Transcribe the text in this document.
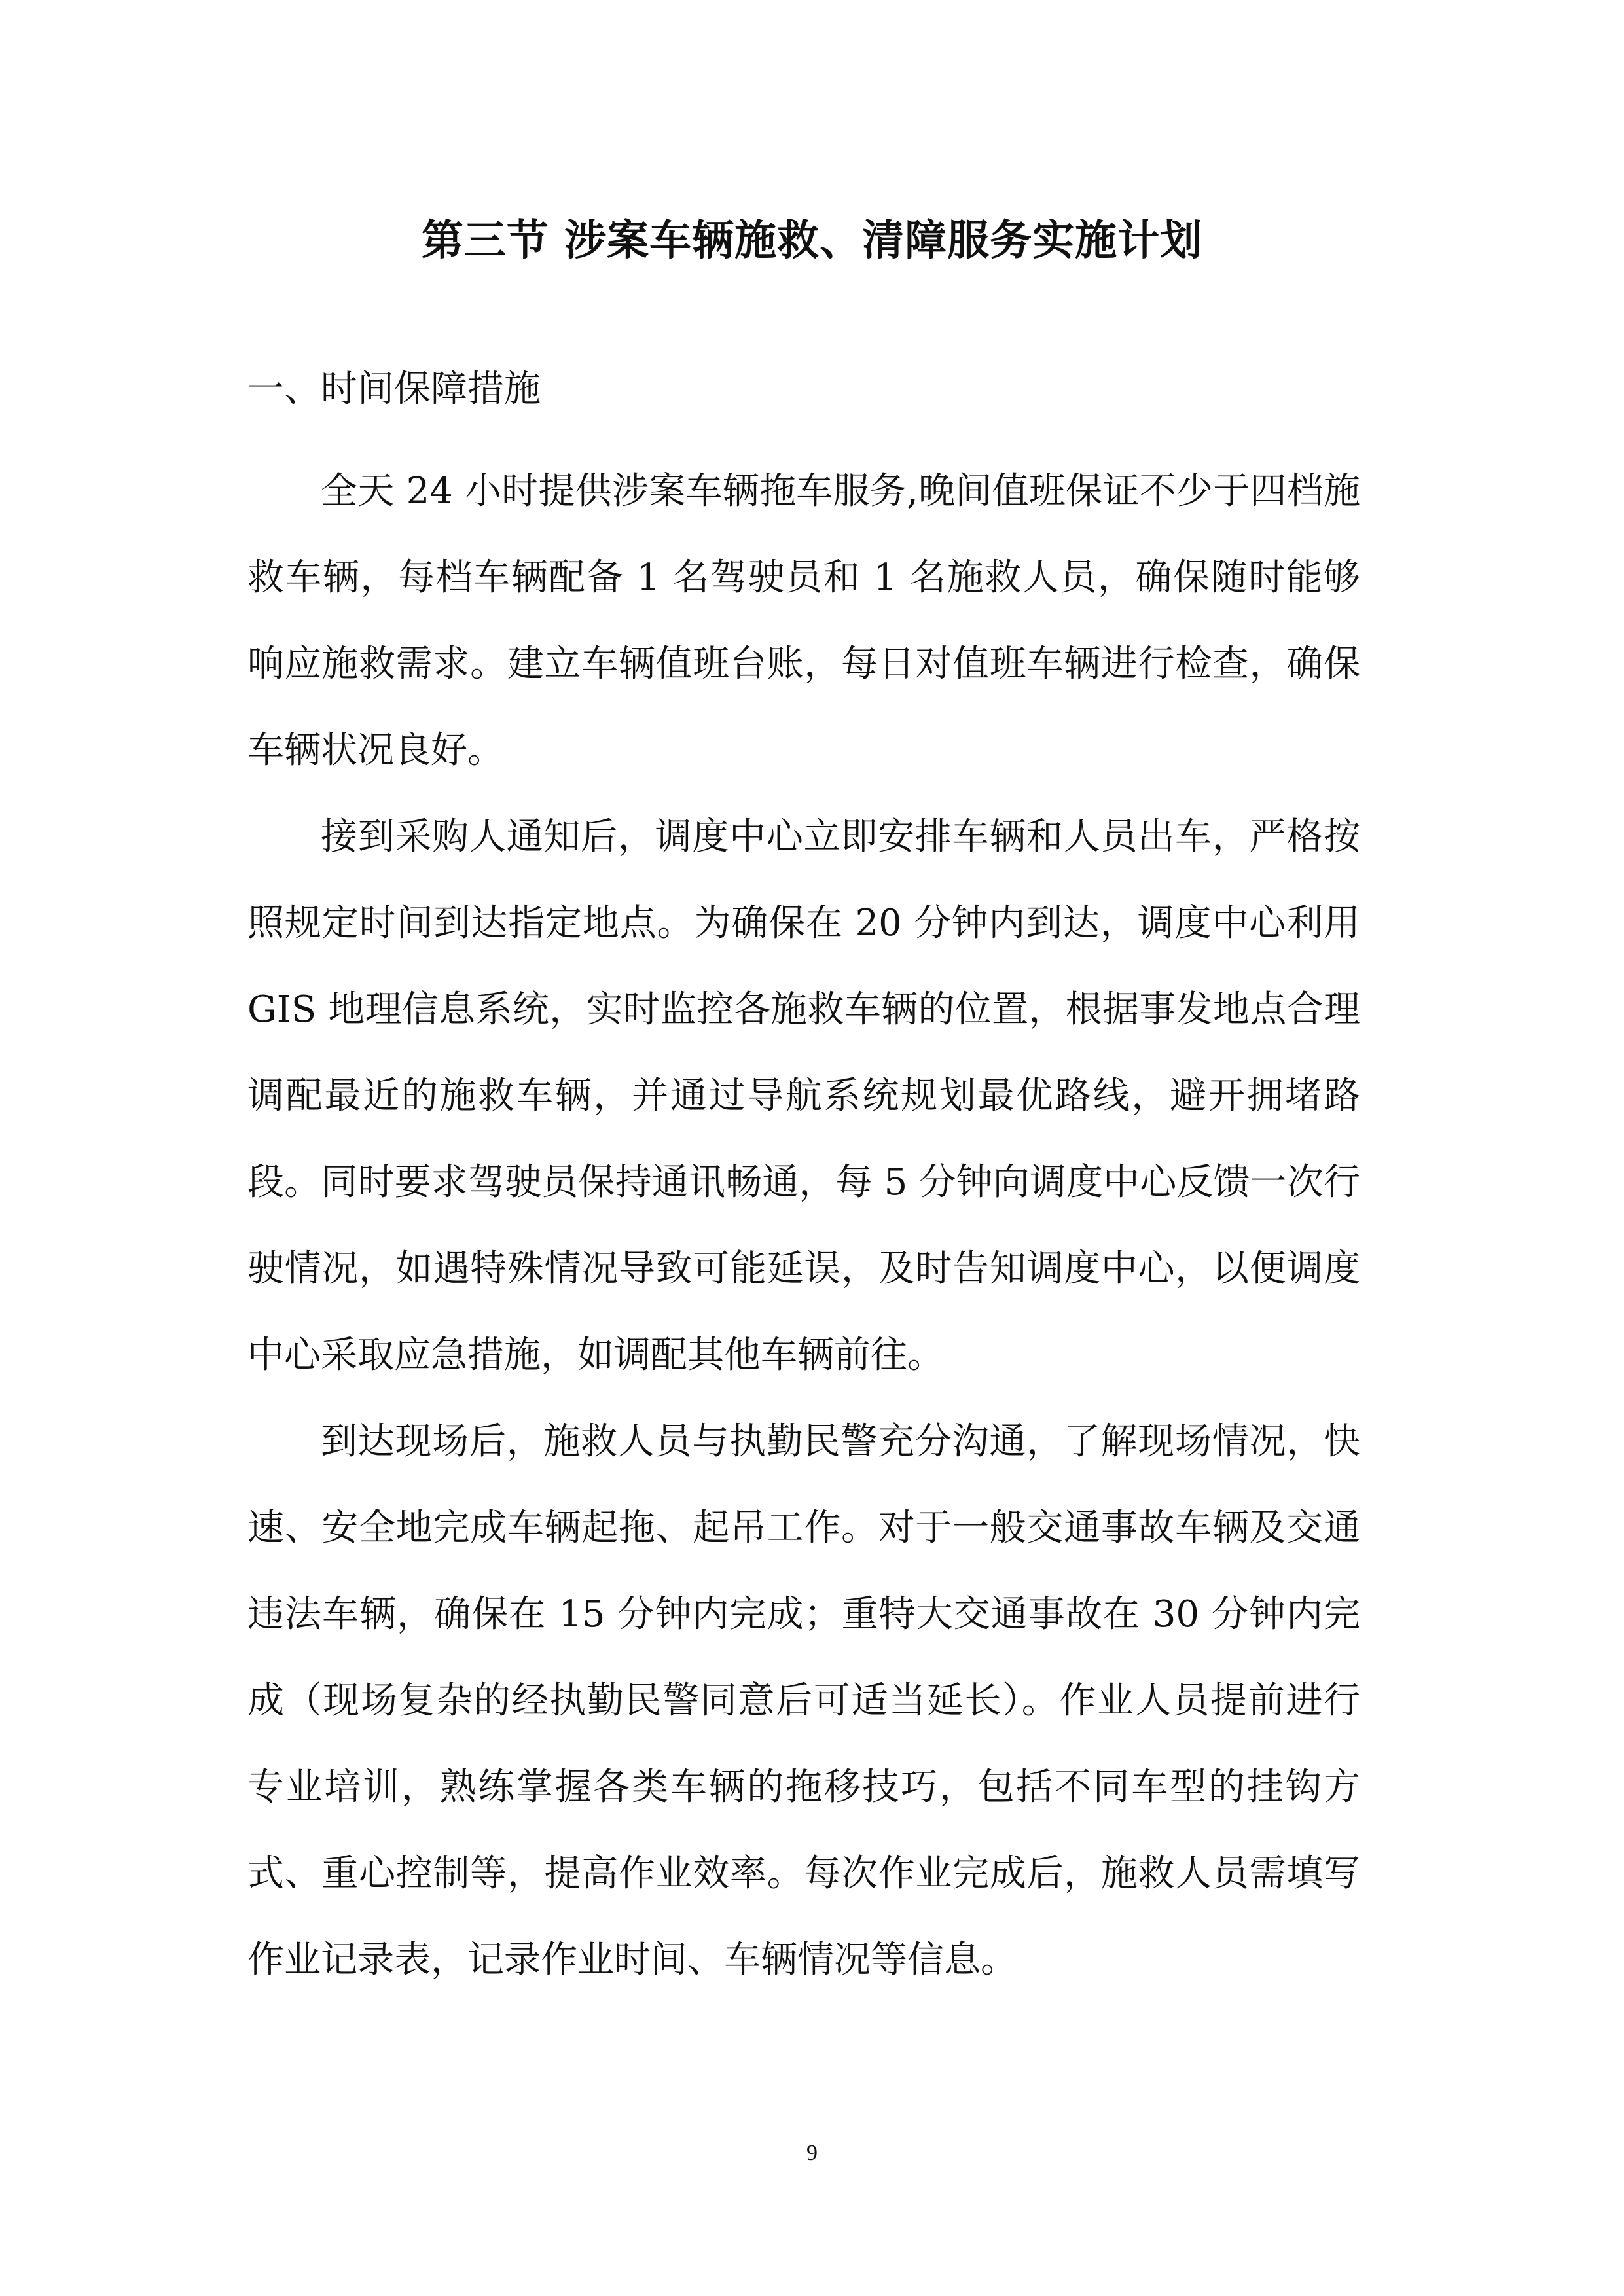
第三节 涉案车辆施救、清障服务实施计划

一、时间保障措施

全天 24 小时提供涉案车辆拖车服务,晚间值班保证不少于四档施救车辆，每档车辆配备 1 名驾驶员和 1 名施救人员，确保随时能够响应施救需求。建立车辆值班台账，每日对值班车辆进行检查，确保车辆状况良好。

接到采购人通知后，调度中心立即安排车辆和人员出车，严格按照规定时间到达指定地点。为确保在 20 分钟内到达，调度中心利用 GIS 地理信息系统，实时监控各施救车辆的位置，根据事发地点合理调配最近的施救车辆，并通过导航系统规划最优路线，避开拥堵路段。同时要求驾驶员保持通讯畅通，每 5 分钟向调度中心反馈一次行驶情况，如遇特殊情况导致可能延误，及时告知调度中心，以便调度中心采取应急措施，如调配其他车辆前往。

到达现场后，施救人员与执勤民警充分沟通，了解现场情况，快速、安全地完成车辆起拖、起吊工作。对于一般交通事故车辆及交通违法车辆，确保在 15 分钟内完成；重特大交通事故在 30 分钟内完成（现场复杂的经执勤民警同意后可适当延长）。作业人员提前进行专业培训，熟练掌握各类车辆的拖移技巧，包括不同车型的挂钩方式、重心控制等，提高作业效率。每次作业完成后，施救人员需填写作业记录表，记录作业时间、车辆情况等信息。

9
